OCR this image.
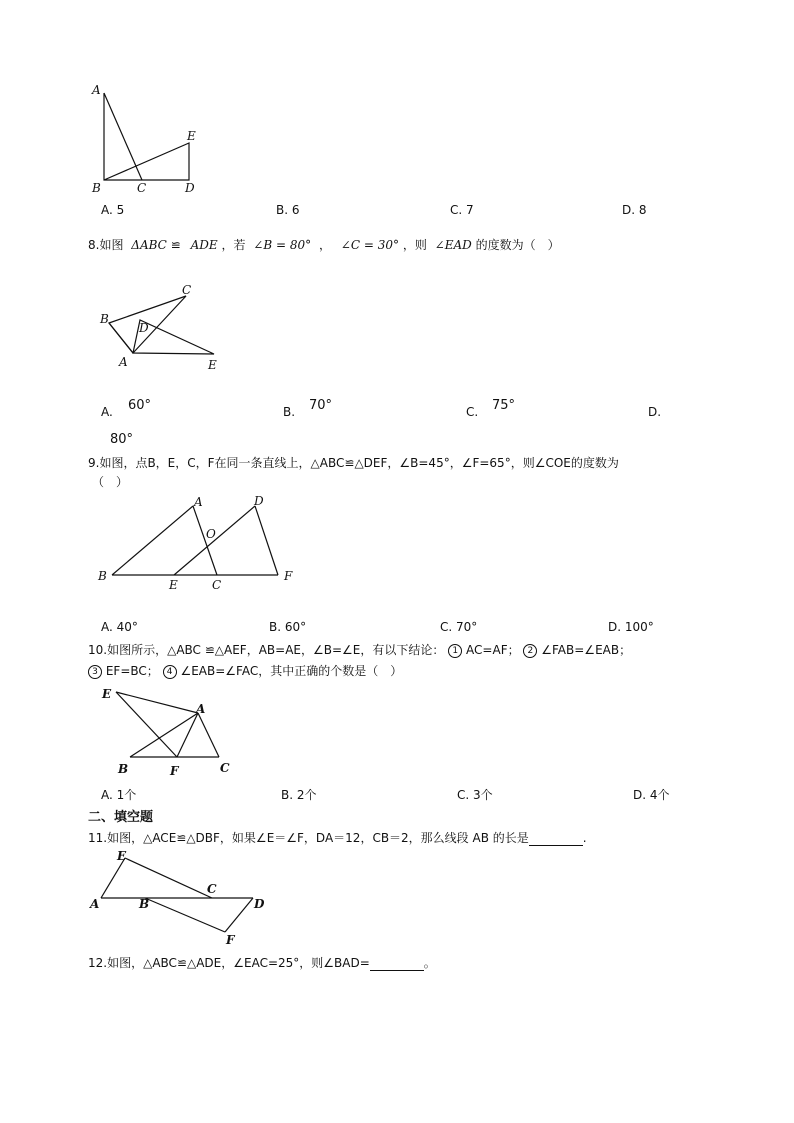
A
B	C	D
E
A. 5	B. 6	C. 7	D. 8
8.如图 ΔABC ≌ ADE ，若 ∠B = 80° ， ∠C = 30° ，则 ∠EAD 的度数为（　）
B
C
D
A	E
A. 60°	B. 70°	C. 75°	D.
80°
9.如图，点B，E，C，F在同一条直线上，△ABC≌△DEF，∠B=45°，∠F=65°，则∠COE的度数为
（　）
A	D
O
B
E	C
F
A. 40°	B. 60°	C. 70°	D. 100°
10.如图所示，△ABC ≌△AEF，AB=AE，∠B=∠E，有以下结论： 1 AC=AF； 2 ∠FAB=∠EAB；
3 EF=BC； 4 ∠EAB=∠FAC，其中正确的个数是（　）
E
A
B	F	C
A. 1个	B. 2个	C. 3个	D. 4个
二、填空题
11.如图，△ACE≌△DBF，如果∠E＝∠F，DA＝12，CB＝2，那么线段 AB 的长是	.
E
C
A	B	D
F
12.如图，△ABC≌△ADE，∠EAC=25°，则∠BAD=	。
